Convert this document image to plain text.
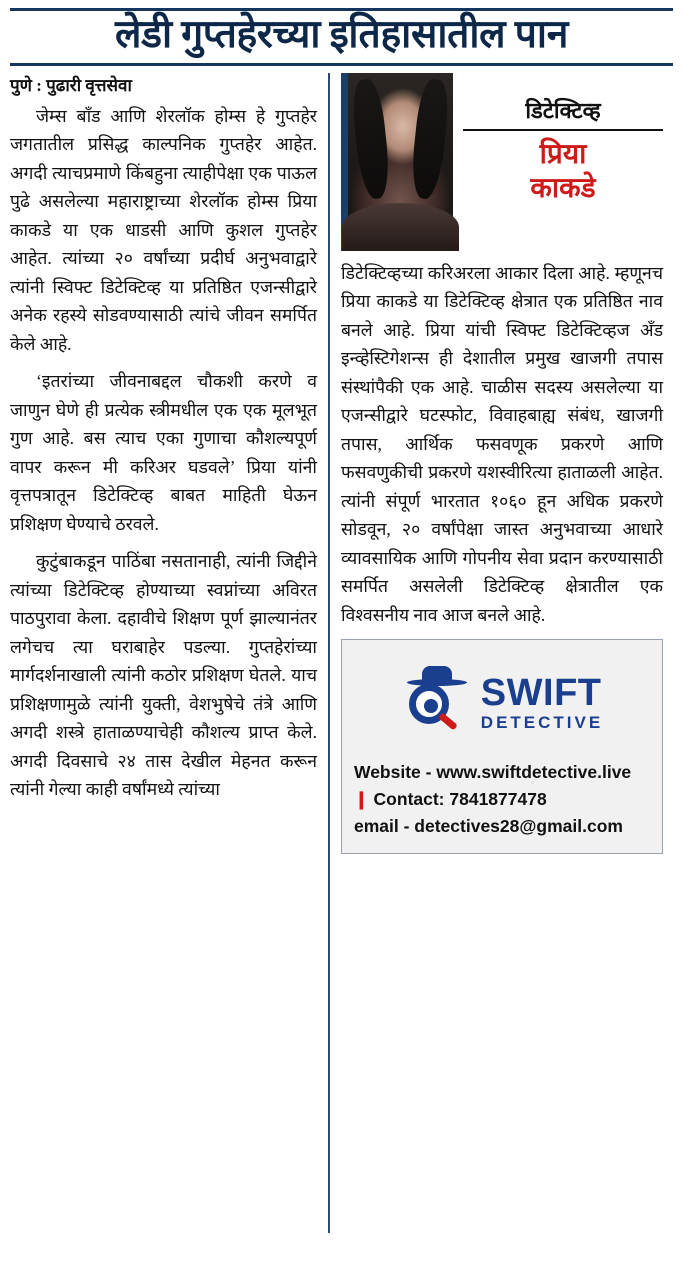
लेडी गुप्तहेरच्या इतिहासातील पान
पुणे : पुढारी वृत्तसेवा

जेम्स बाँड आणि शेरलॉक होम्स हे गुप्तहेर जगतातील प्रसिद्ध काल्पनिक गुप्तहेर आहेत. अगदी त्याचप्रमाणे किंबहुना त्याहीपेक्षा एक पाऊल पुढे असलेल्या महाराष्ट्राच्या शेरलॉक होम्स प्रिया काकडे या एक धाडसी आणि कुशल गुप्तहेर आहेत. त्यांच्या २० वर्षांच्या प्रदीर्घ अनुभवाद्वारे त्यांनी स्विफ्ट डिटेक्टिव्ह या प्रतिष्ठित एजन्सीद्वारे अनेक रहस्ये सोडवण्यासाठी त्यांचे जीवन समर्पित केले आहे.

‘इतरांच्या जीवनाबद्दल चौकशी करणे व जाणुन घेणे ही प्रत्येक स्त्रीमधील एक एक मूलभूत गुण आहे. बस त्याच एका गुणाचा कौशल्यपूर्ण वापर करून मी करिअर घडवले’ प्रिया यांनी वृत्तपत्रातून डिटेक्टिव्ह बाबत माहिती घेऊन प्रशिक्षण घेण्याचे ठरवले.

कुटुंबाकडून पाठिंबा नसतानाही, त्यांनी जिद्दीने त्यांच्या डिटेक्टिव्ह होण्याच्या स्वप्नांच्या अविरत पाठपुरावा केला. दहावीचे शिक्षण पूर्ण झाल्यानंतर लगेचच त्या घराबाहेर पडल्या. गुप्तहेरांच्या मार्गदर्शनाखाली त्यांनी कठोर प्रशिक्षण घेतले. याच प्रशिक्षणामुळे त्यांनी युक्ती, वेशभुषेचे तंत्रे आणि अगदी शस्त्रे हाताळण्याचेही कौशल्य प्राप्त केले. अगदी दिवसाचे २४ तास देखील मेहनत करून त्यांनी गेल्या काही वर्षांमध्ये त्यांच्या

डिटेक्टिव्ह
प्रिया
काकडे

डिटेक्टिव्हच्या करिअरला आकार दिला आहे. म्हणूनच प्रिया काकडे या डिटेक्टिव्ह क्षेत्रात एक प्रतिष्ठित नाव बनले आहे. प्रिया यांची स्विफ्ट डिटेक्टिव्हज अँड इन्व्हेस्टिगेशन्स ही देशातील प्रमुख खाजगी तपास संस्थांपैकी एक आहे. चाळीस सदस्य असलेल्या या एजन्सीद्वारे घटस्फोट, विवाहबाह्य संबंध, खाजगी तपास, आर्थिक फसवणूक प्रकरणे आणि फसवणुकीची प्रकरणे यशस्वीरित्या हाताळली आहेत. त्यांनी संपूर्ण भारतात १०६० हून अधिक प्रकरणे सोडवून, २० वर्षांपेक्षा जास्त अनुभवाच्या आधारे व्यावसायिक आणि गोपनीय सेवा प्रदान करण्यासाठी समर्पित असलेली डिटेक्टिव्ह क्षेत्रातील एक विश्वसनीय नाव आज बनले आहे.

SWIFT
DETECTIVE
Website - www.swiftdetective.live
❙ Contact: 7841877478
email - detectives28@gmail.com
